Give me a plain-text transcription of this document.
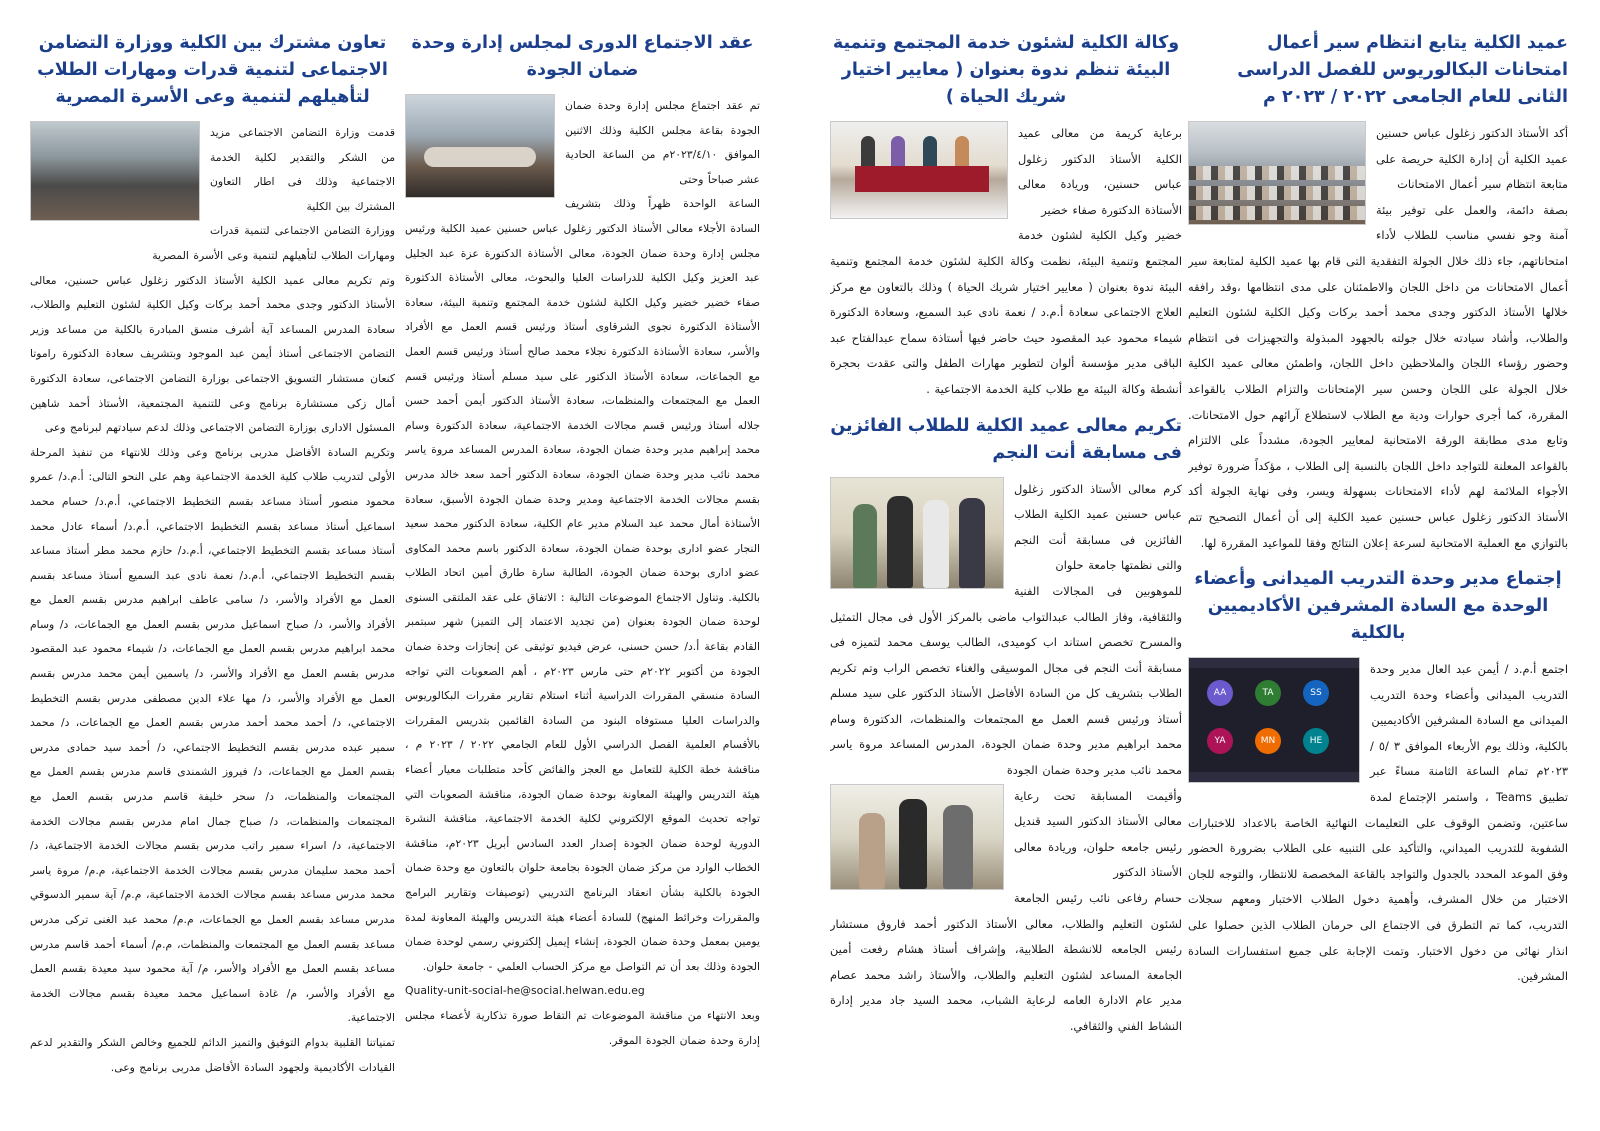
عميد الكلية يتابع انتظام سير أعمال امتحانات البكالوريوس للفصل الدراسى الثانى للعام الجامعى ٢٠٢٢ / ٢٠٢٣ م

أكد الأستاذ الدكتور زغلول عباس حسنين عميد الكلية أن إدارة الكلية حريصة على متابعة انتظام سير أعمال الامتحانات

بصفة دائمة، والعمل على توفير بيئة آمنة وجو نفسي مناسب للطلاب لأداء امتحاناتهم، جاء ذلك خلال الجولة التفقدية التى قام بها عميد الكلية لمتابعة سير أعمال الامتحانات من داخل اللجان والاطمئنان على مدى انتظامها ،وقد رافقه خلالها الأستاذ الدكتور وجدى محمد أحمد بركات وكيل الكلية لشئون التعليم والطلاب، وأشاد سيادته خلال جولته بالجهود المبذولة والتجهيزات فى انتظام وحضور رؤساء اللجان والملاحظين داخل اللجان، واطمئن معالى عميد الكلية خلال الجولة على اللجان وحسن سير الإمتحانات والتزام الطلاب بالقواعد المقررة، كما أجرى حوارات ودية مع الطلاب لاستطلاع آرائهم حول الامتحانات. وتابع مدى مطابقة الورقة الامتحانية لمعايير الجودة، مشدداً على الالتزام بالقواعد المعلنة للتواجد داخل اللجان بالنسبة إلى الطلاب ، مؤكداً ضرورة توفير الأجواء الملائمة لهم لأداء الامتحانات بسهولة ويسر، وفى نهاية الجولة أكد الأستاذ الدكتور زغلول عباس حسنين عميد الكلية إلى أن أعمال التصحيح تتم بالتوازي مع العملية الامتحانية لسرعة إعلان النتائج وفقا للمواعيد المقررة لها.

إجتماع مدير وحدة التدريب الميدانى وأعضاء الوحدة مع السادة المشرفين الأكاديميين بالكلية
AA	TA	SS
YA	MN	HE

اجتمع أ.م.د / أيمن عبد العال مدير وحدة التدريب الميدانى وأعضاء وحدة التدريب الميدانى مع السادة المشرفين الأكاديميين

بالكلية، وذلك يوم الأربعاء الموافق ٣ /٥ /٢٠٢٣م تمام الساعة الثامنة مساءً عبر تطبيق Teams ، واستمر الإجتماع لمدة ساعتين، وتضمن الوقوف على التعليمات النهائية الخاصة بالاعداد للاختبارات الشفوية للتدريب الميداني، والتأكيد على التنبيه على الطلاب بضرورة الحضور وفق الموعد المحدد بالجدول والتواجد بالقاعة المخصصة للانتظار، والتوجه للجان الاختبار من خلال المشرف، وأهمية دخول الطلاب الاختبار ومعهم سجلات التدريب، كما تم التطرق فى الاجتماع الى حرمان الطلاب الذين حصلوا على انذار نهائى من دخول الاختبار. وتمت الإجابة على جميع استفسارات السادة المشرفين.

وكالة الكلية لشئون خدمة المجتمع وتنمية البيئة تنظم ندوة بعنوان ( معايير اختيار شريك الحياة )

برعاية كريمة من معالى عميد الكلية الأستاذ الدكتور زغلول عباس حسنين، وريادة معالى الأستاذة الدكتورة صفاء خضير

خضير وكيل الكلية لشئون خدمة المجتمع وتنمية البيئة، نظمت وكالة الكلية لشئون خدمة المجتمع وتنمية البيئة ندوة بعنوان ( معايير اختيار شريك الحياة ) وذلك بالتعاون مع مركز العلاج الاجتماعى سعادة أ.م.د / نعمة نادى عبد السميع، وسعادة الدكتورة شيماء محمود عبد المقصود حيث حاضر فيها أستاذة سماح عبدالفتاح عبد الباقى مدير مؤسسة ألوان لتطوير مهارات الطفل والتى عقدت بحجرة أنشطة وكالة البيئة مع طلاب كلية الخدمة الاجتماعية .

تكريم معالى عميد الكلية للطلاب الفائزين فى مسابقة أنت النجم

كرم معالى الأستاذ الدكتور زغلول عباس حسنين عميد الكلية الطلاب الفائزين فى مسابقة أنت النجم والتى نظمتها جامعة حلوان

للموهوبين فى المجالات الفنية والثقافية، وفاز الطالب عبدالتواب ماضى بالمركز الأول فى مجال التمثيل والمسرح تخصص استاند اب كوميدى، الطالب يوسف محمد لتميزه فى مسابقة أنت النجم فى مجال الموسيقى والغناء تخصص الراب وتم تكريم الطلاب بتشريف كل من السادة الأفاضل الأستاذ الدكتور على سيد مسلم أستاذ ورئيس قسم العمل مع المجتمعات والمنظمات، الدكتورة وسام محمد ابراهيم مدير وحدة ضمان الجودة، المدرس المساعد مروة ياسر محمد نائب مدير وحدة ضمان الجودة

وأقيمت المسابقة تحت رعاية معالى الأستاذ الدكتور السيد قنديل رئيس جامعه حلوان، وريادة معالى الأستاذ الدكتور

حسام رفاعى نائب رئيس الجامعة لشئون التعليم والطلاب، معالى الأستاذ الدكتور أحمد فاروق مستشار رئيس الجامعه للانشطة الطلابية، وإشراف أستاذ هشام رفعت أمين الجامعة المساعد لشئون التعليم والطلاب، والأستاذ راشد محمد عصام مدير عام الادارة العامه لرعاية الشباب، محمد السيد جاد مدير إدارة النشاط الفني والثقافي.

عقد الاجتماع الدورى لمجلس إدارة وحدة ضمان الجودة

تم عقد اجتماع مجلس إدارة وحدة ضمان الجودة بقاعة مجلس الكلية وذلك الاثنين الموافق ٢٠٢٣/٤/١٠م من الساعة الحادية عشر صباحاً وحتى

الساعة الواحدة ظهراً وذلك بتشريف السادة الأجلاء معالى الأستاذ الدكتور زغلول عباس حسنين عميد الكلية ورئيس مجلس إدارة وحدة ضمان الجودة، معالى الأستاذة الدكتورة عزة عبد الجليل عبد العزيز وكيل الكلية للدراسات العليا والبحوث، معالى الأستاذة الدكتورة صفاء خضير خضير وكيل الكلية لشئون خدمة المجتمع وتنمية البيئة، سعادة الأستاذة الدكتورة نجوى الشرقاوى أستاذ ورئيس قسم العمل مع الأفراد والأسر، سعادة الأستاذة الدكتورة نجلاء محمد صالح أستاذ ورئيس قسم العمل مع الجماعات، سعادة الأستاذ الدكتور على سيد مسلم أستاذ ورئيس قسم العمل مع المجتمعات والمنظمات، سعادة الأستاذ الدكتور أيمن أحمد حسن جلاله أستاذ ورئيس قسم مجالات الخدمة الاجتماعية، سعادة الدكتورة وسام محمد إبراهيم مدير وحدة ضمان الجودة، سعادة المدرس المساعد مروة ياسر محمد نائب مدير وحدة ضمان الجودة، سعادة الدكتور أحمد سعد خالد مدرس بقسم مجالات الخدمة الاجتماعية ومدير وحدة ضمان الجودة الأسبق، سعادة الأستاذة أمال محمد عبد السلام مدير عام الكلية، سعادة الدكتور محمد سعيد النجار عضو ادارى بوحدة ضمان الجودة، سعادة الدكتور باسم محمد المكاوى عضو ادارى بوحدة ضمان الجودة، الطالبة سارة طارق أمين اتحاد الطلاب بالكلية. وتناول الاجتماع الموضوعات التالية : الاتفاق على عقد الملتقى السنوى لوحدة ضمان الجودة بعنوان (من تجديد الاعتماد إلى التميز) شهر سبتمبر القادم بقاعة أ.د/ حسن حسنى، عرض فيديو توثيقى عن إنجازات وحدة ضمان الجودة من أكتوبر ٢٠٢٢م حتى مارس ٢٠٢٣م ، أهم الصعوبات التي تواجه السادة منسقي المقررات الدراسية أثناء استلام تقارير مقررات البكالوريوس والدراسات العليا مستوفاه البنود من السادة القائمين بتدريس المقررات بالأقسام العلمية الفصل الدراسي الأول للعام الجامعي ٢٠٢٢ / ٢٠٢٣ م ، مناقشة خطة الكلية للتعامل مع العجز والفائض كأحد متطلبات معيار أعضاء هيئة التدريس والهيئة المعاونة بوحدة ضمان الجودة، مناقشة الصعوبات التي تواجه تحديث الموقع الإلكتروني لكلية الخدمة الاجتماعية، مناقشة النشرة الدورية لوحدة ضمان الجودة إصدار العدد السادس أبريل ٢٠٢٣م، مناقشة الخطاب الوارد من مركز ضمان الجودة بجامعة حلوان بالتعاون مع وحدة ضمان الجودة بالكلية بشأن انعقاد البرنامج التدريبي (توصيفات وتقارير البرامج والمقررات وخرائط المنهج) للسادة أعضاء هيئة التدريس والهيئة المعاونة لمدة يومين بمعمل وحدة ضمان الجودة، إنشاء إيميل إلكتروني رسمي لوحدة ضمان الجودة وذلك بعد أن تم التواصل مع مركز الحساب العلمي - جامعة حلوان.

Quality-unit-social-he@social.helwan.edu.eg

وبعد الانتهاء من مناقشة الموضوعات تم التقاط صورة تذكارية لأعضاء مجلس إدارة وحدة ضمان الجودة الموقر.

تعاون مشترك بين الكلية ووزارة التضامن الاجتماعى لتنمية قدرات ومهارات الطلاب لتأهيلهم لتنمية وعى الأسرة المصرية

قدمت وزارة التضامن الاجتماعى مزيد من الشكر والتقدير لكلية الخدمة الاجتماعية وذلك فى اطار التعاون المشترك بين الكلية

ووزارة التضامن الاجتماعى لتنمية قدرات ومهارات الطلاب لتأهيلهم لتنمية وعى الأسرة المصرية

وتم تكريم معالى عميد الكلية الأستاذ الدكتور زغلول عباس حسنين، معالى الأستاذ الدكتور وجدى محمد أحمد بركات وكيل الكلية لشئون التعليم والطلاب، سعادة المدرس المساعد آية أشرف منسق المبادرة بالكلية من مساعد وزير التضامن الاجتماعى أستاذ أيمن عبد الموجود وبتشريف سعادة الدكتورة راموتا كنعان مستشار التسويق الاجتماعى بوزارة التضامن الاجتماعى، سعادة الدكتورة أمال زكى مستشارة برنامج وعى للتنمية المجتمعية، الأستاذ أحمد شاهين المسئول الادارى بوزارة التضامن الاجتماعى وذلك لدعم سيادتهم لبرنامج وعى

وتكريم السادة الأفاضل مدربى برنامج وعى وذلك للانتهاء من تنفيذ المرحلة الأولى لتدريب طلاب كلية الخدمة الاجتماعية وهم على النحو التالى: أ.م.د/ عمرو محمود منصور أستاذ مساعد بقسم التخطيط الاجتماعي، أ.م.د/ حسام محمد اسماعيل أستاذ مساعد بقسم التخطيط الاجتماعي، أ.م.د/ أسماء عادل محمد أستاذ مساعد بقسم التخطيط الاجتماعي، أ.م.د/ حازم محمد مطر أستاذ مساعد بقسم التخطيط الاجتماعي، أ.م.د/ نعمة نادى عبد السميع أستاذ مساعد بقسم العمل مع الأفراد والأسر، د/ سامى عاطف ابراهيم مدرس بقسم العمل مع الأفراد والأسر، د/ صباح اسماعيل مدرس بقسم العمل مع الجماعات، د/ وسام محمد ابراهيم مدرس بقسم العمل مع الجماعات، د/ شيماء محمود عبد المقصود مدرس بقسم العمل مع الأفراد والأسر، د/ ياسمين أيمن محمد مدرس بقسم العمل مع الأفراد والأسر، د/ مها علاء الدين مصطفى مدرس بقسم التخطيط الاجتماعي، د/ أحمد محمد أحمد مدرس بقسم العمل مع الجماعات، د/ محمد سمير عبده مدرس بقسم التخطيط الاجتماعي، د/ أحمد سيد حمادى مدرس بقسم العمل مع الجماعات، د/ فيروز الشمندى قاسم مدرس بقسم العمل مع المجتمعات والمنظمات، د/ سحر خليفة قاسم مدرس بقسم العمل مع المجتمعات والمنظمات، د/ صباح جمال امام مدرس بقسم مجالات الخدمة الاجتماعية، د/ اسراء سمير راتب مدرس بقسم مجالات الخدمة الاجتماعية، د/ أحمد محمد سليمان مدرس بقسم مجالات الخدمة الاجتماعية، م.م/ مروة ياسر محمد مدرس مساعد بقسم مجالات الخدمة الاجتماعية، م.م/ آية سمير الدسوقي مدرس مساعد بقسم العمل مع الجماعات، م.م/ محمد عبد الغنى تركى مدرس مساعد بقسم العمل مع المجتمعات والمنظمات، م.م/ أسماء أحمد قاسم مدرس مساعد بقسم العمل مع الأفراد والأسر، م/ آية محمود سيد معيدة بقسم العمل مع الأفراد والأسر، م/ غادة اسماعيل محمد معيدة بقسم مجالات الخدمة الاجتماعية.

تمنياتنا القلبية بدوام التوفيق والتميز الدائم للجميع وخالص الشكر والتقدير لدعم القيادات الأكاديمية ولجهود السادة الأفاضل مدربى برنامج وعى.
